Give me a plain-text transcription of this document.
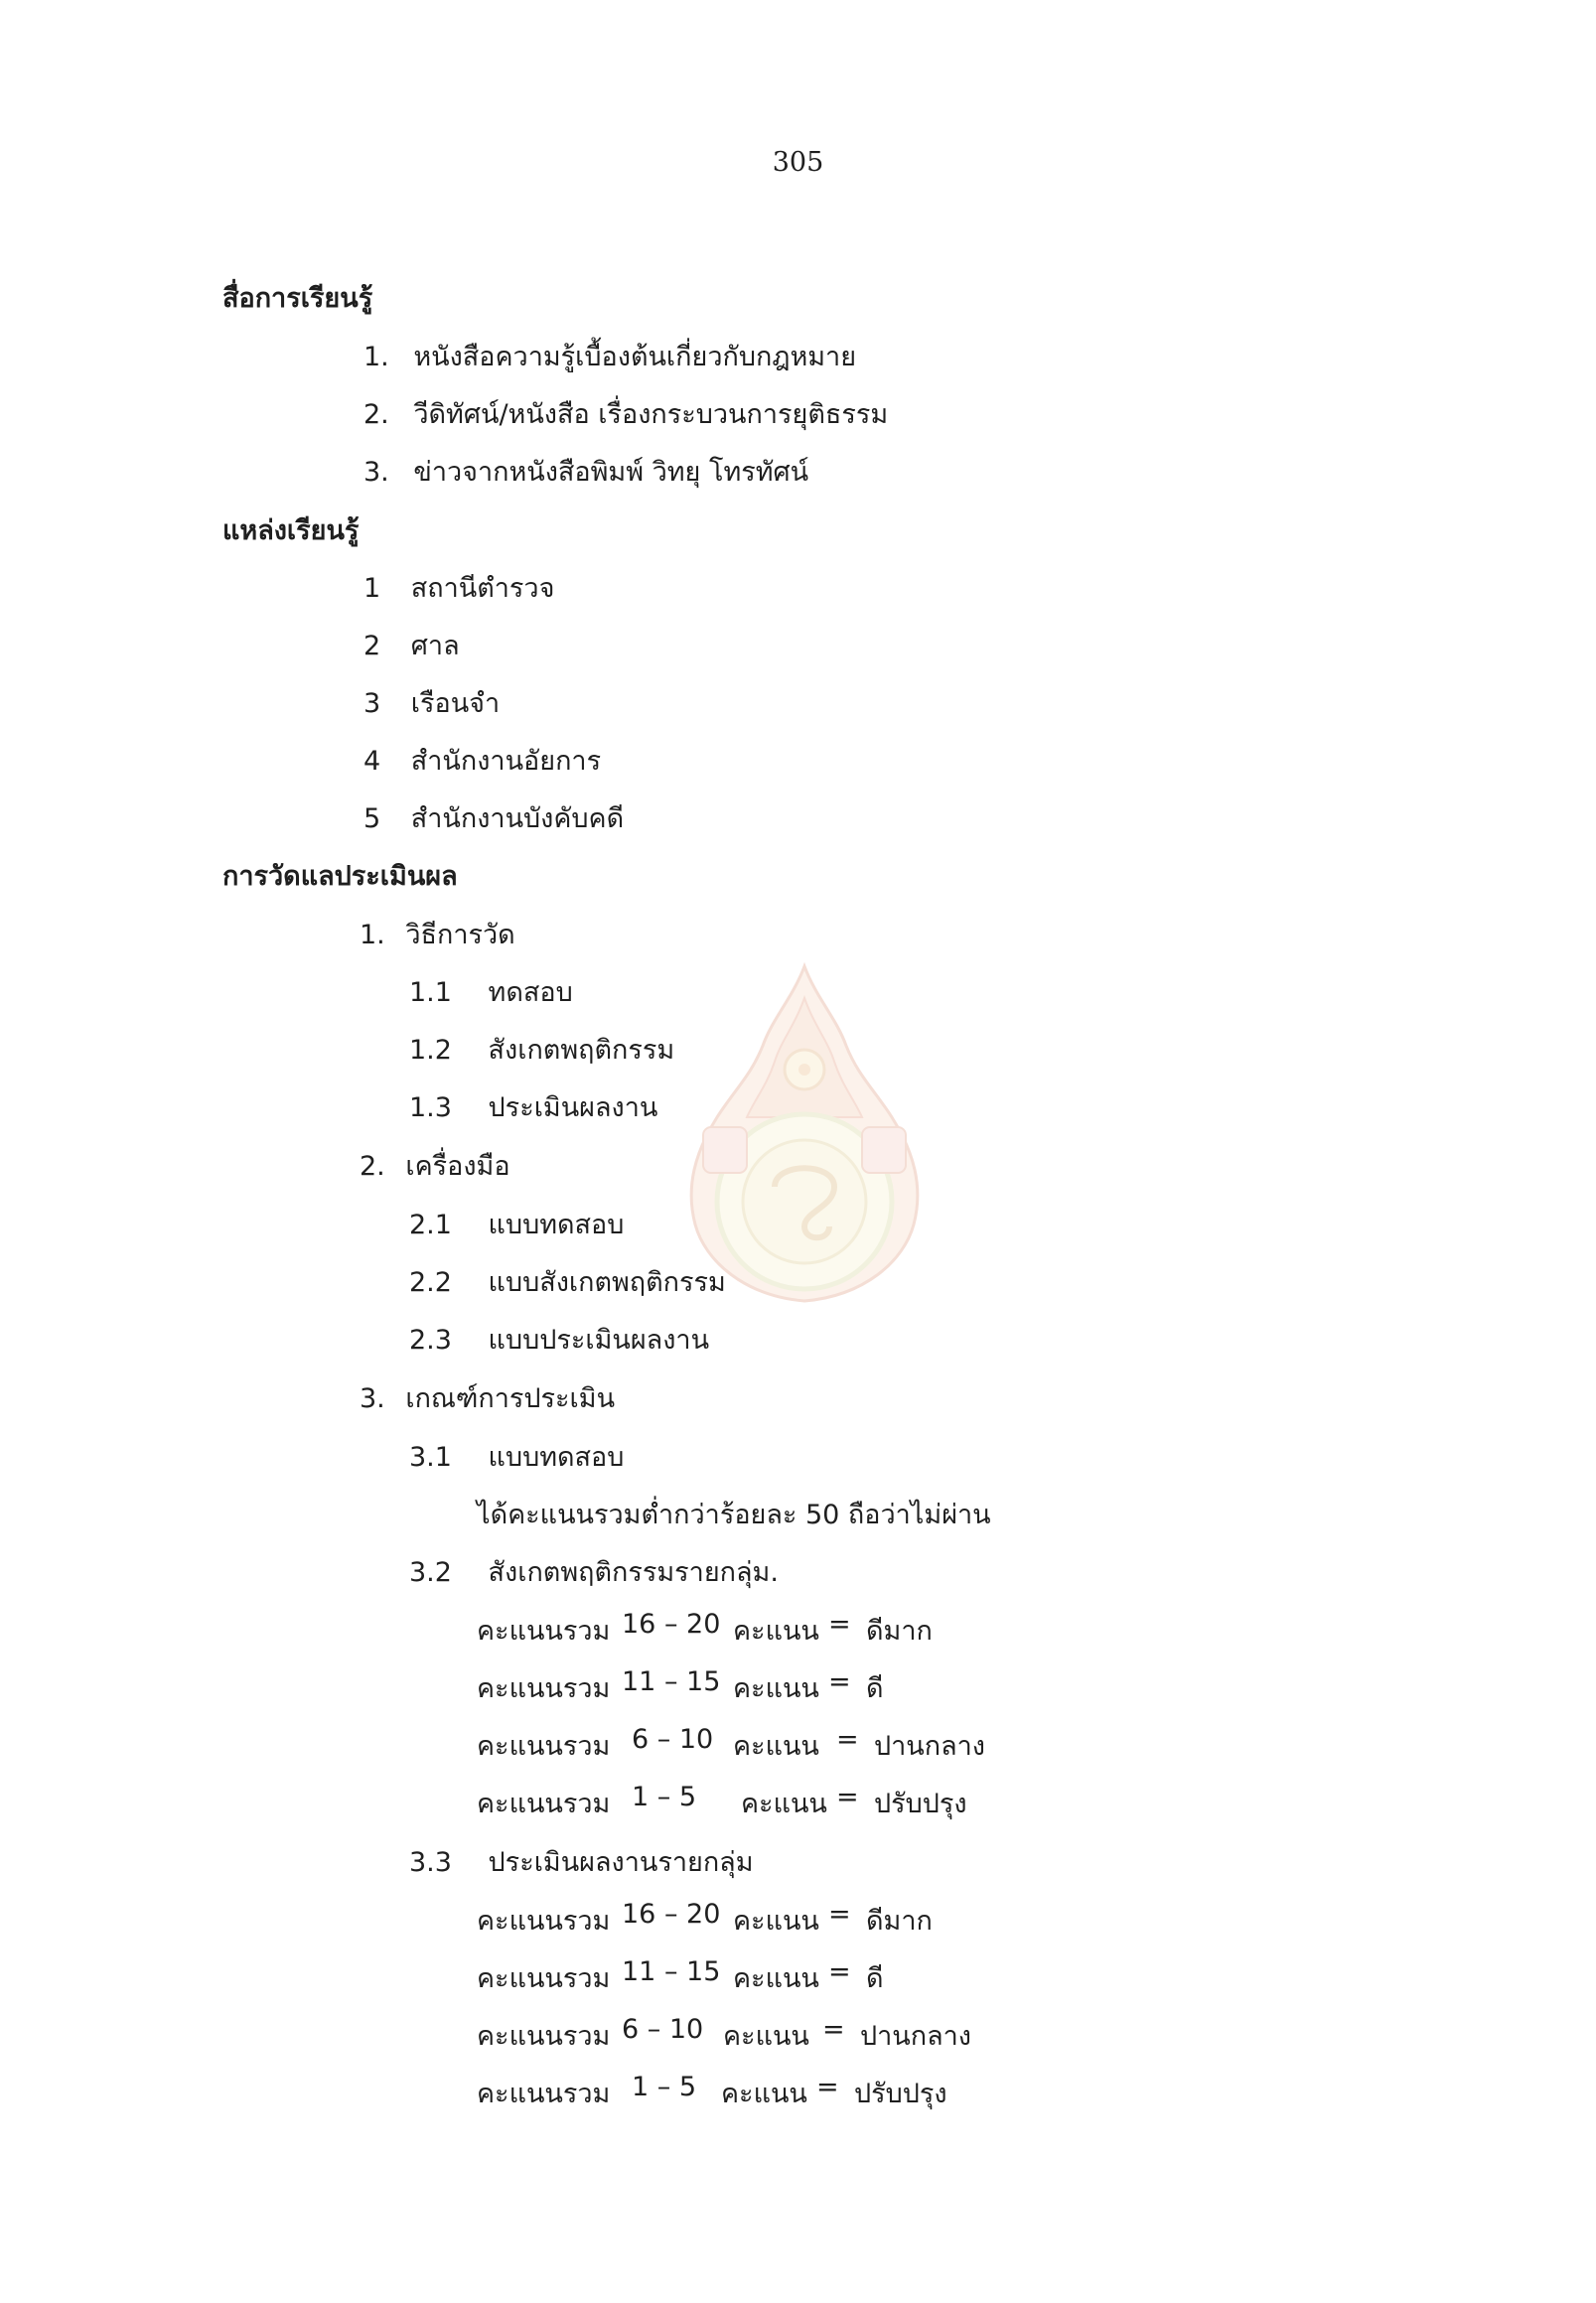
305
สื่อการเรียนรู้
1. หนังสือความรู้เบื้องต้นเกี่ยวกับกฎหมาย
2. วีดิทัศน์/หนังสือ เรื่องกระบวนการยุติธรรม
3. ข่าวจากหนังสือพิมพ์ วิทยุ โทรทัศน์
แหล่งเรียนรู้
1 สถานีตำรวจ
2 ศาล
3 เรือนจำ
4 สำนักงานอัยการ
5 สำนักงานบังคับคดี
การวัดแลประเมินผล
1. วิธีการวัด
1.1 ทดสอบ
1.2 สังเกตพฤติกรรม
1.3 ประเมินผลงาน
2. เครื่องมือ
2.1 แบบทดสอบ
2.2 แบบสังเกตพฤติกรรม
2.3 แบบประเมินผลงาน
3. เกณฑ์การประเมิน
3.1 แบบทดสอบ
ได้คะแนนรวมต่ำกว่าร้อยละ 50 ถือว่าไม่ผ่าน
3.2 สังเกตพฤติกรรมรายกลุ่ม.
คะแนนรวม 16 – 20 คะแนน = ดีมาก
คะแนนรวม 11 – 15 คะแนน = ดี
คะแนนรวม 6 – 10 คะแนน = ปานกลาง
คะแนนรวม 1 – 5 คะแนน = ปรับปรุง
3.3 ประเมินผลงานรายกลุ่ม
คะแนนรวม 16 – 20 คะแนน = ดีมาก
คะแนนรวม 11 – 15 คะแนน = ดี
คะแนนรวม 6 – 10 คะแนน = ปานกลาง
คะแนนรวม 1 – 5 คะแนน = ปรับปรุง
